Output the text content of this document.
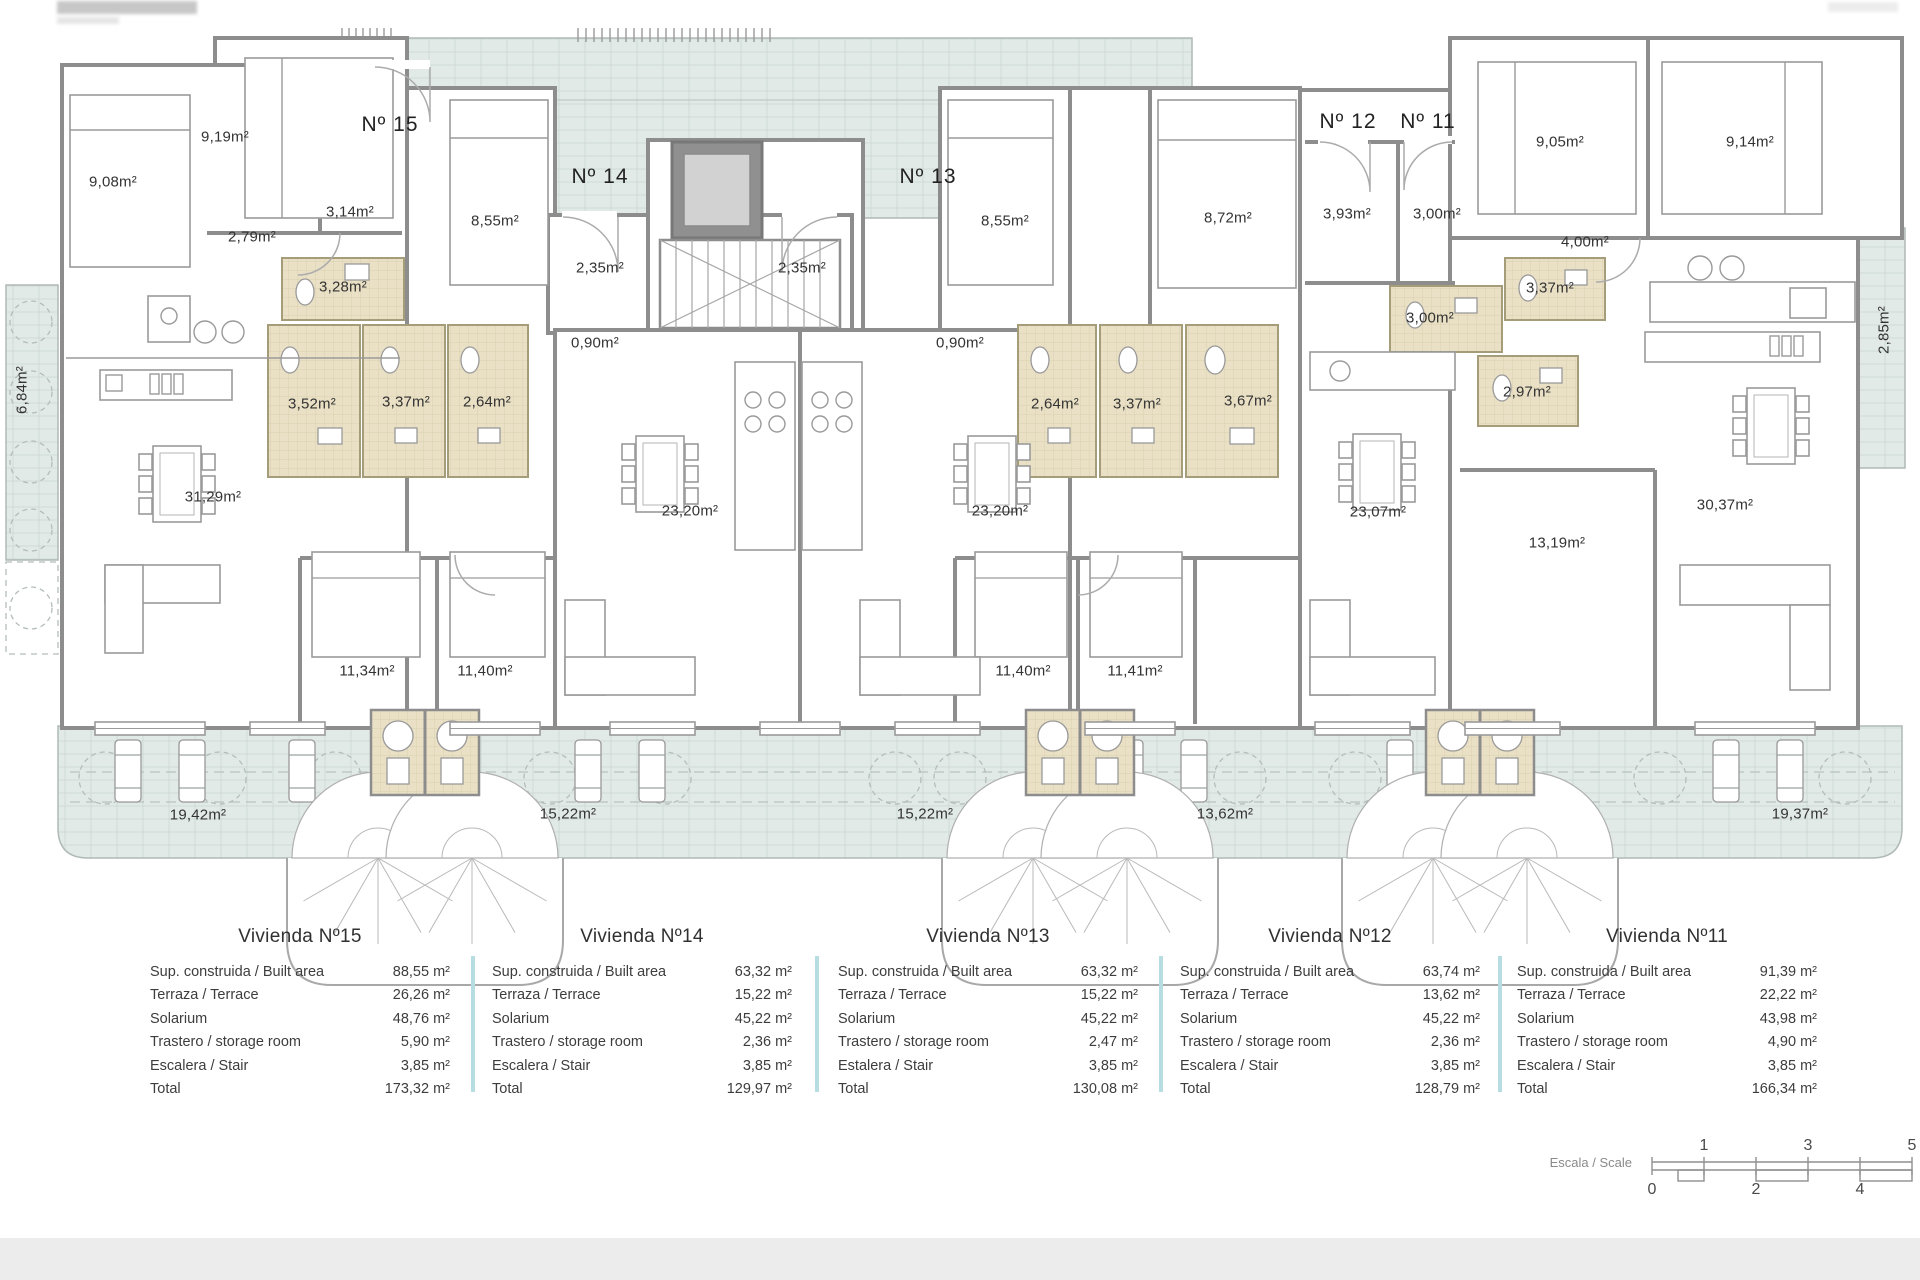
Nº 15
Nº 14	Nº 13
Nº 12 Nº 11
9,19m²
9,08m²
2,79m²
3,14m²
3,28m²
8,55m²
2,35m²
0,90m²
3,52m²	3,37m² 2,64m²
31,29m²
23,20m²	23,20m²
11,34m²	11,40m²
19,42m²	15,22m²
6,84m²
8,55m²
2,35m²
0,90m²
2,64m² 3,37m²	3,67m²
15,22m²
11,40m²	11,41m²
8,72m²	3,93m²	3,00m²
3,00m²
23,07m²
13,62m²
9,05m²	9,14m²
4,00m²
3,37m²
2,97m²
13,19m²
30,37m²
2,85m²
19,37m²
Vivienda Nº15
Sup. construida / Built area	88,55 m²
Terraza / Terrace	26,26 m²
Solarium	48,76 m²
Trastero / storage room	5,90 m²
Escalera / Stair	3,85 m²
Total	173,32 m²
Vivienda Nº14
Sup. construida / Built area	63,32 m²
Terraza / Terrace	15,22 m²
Solarium	45,22 m²
Trastero / storage room	2,36 m²
Escalera / Stair	3,85 m²
Total	129,97 m²
Vivienda Nº13
Sup. construida / Built area	63,32 m²
Terraza / Terrace	15,22 m²
Solarium	45,22 m²
Trastero / storage room	2,47 m²
Estalera / Stair	3,85 m²
Total	130,08 m²
Vivienda Nº12
Sup. construida / Built area	63,74 m²
Terraza / Terrace	13,62 m²
Solarium	45,22 m²
Trastero / storage room	2,36 m²
Escalera / Stair	3,85 m²
Total	128,79 m²
Vivienda Nº11
Sup. construida / Built area	91,39 m²
Terraza / Terrace	22,22 m²
Solarium	43,98 m²
Trastero / storage room	4,90 m²
Escalera / Stair	3,85 m²
Total	166,34 m²
Escala / Scale
1	3	5
0	2	4
